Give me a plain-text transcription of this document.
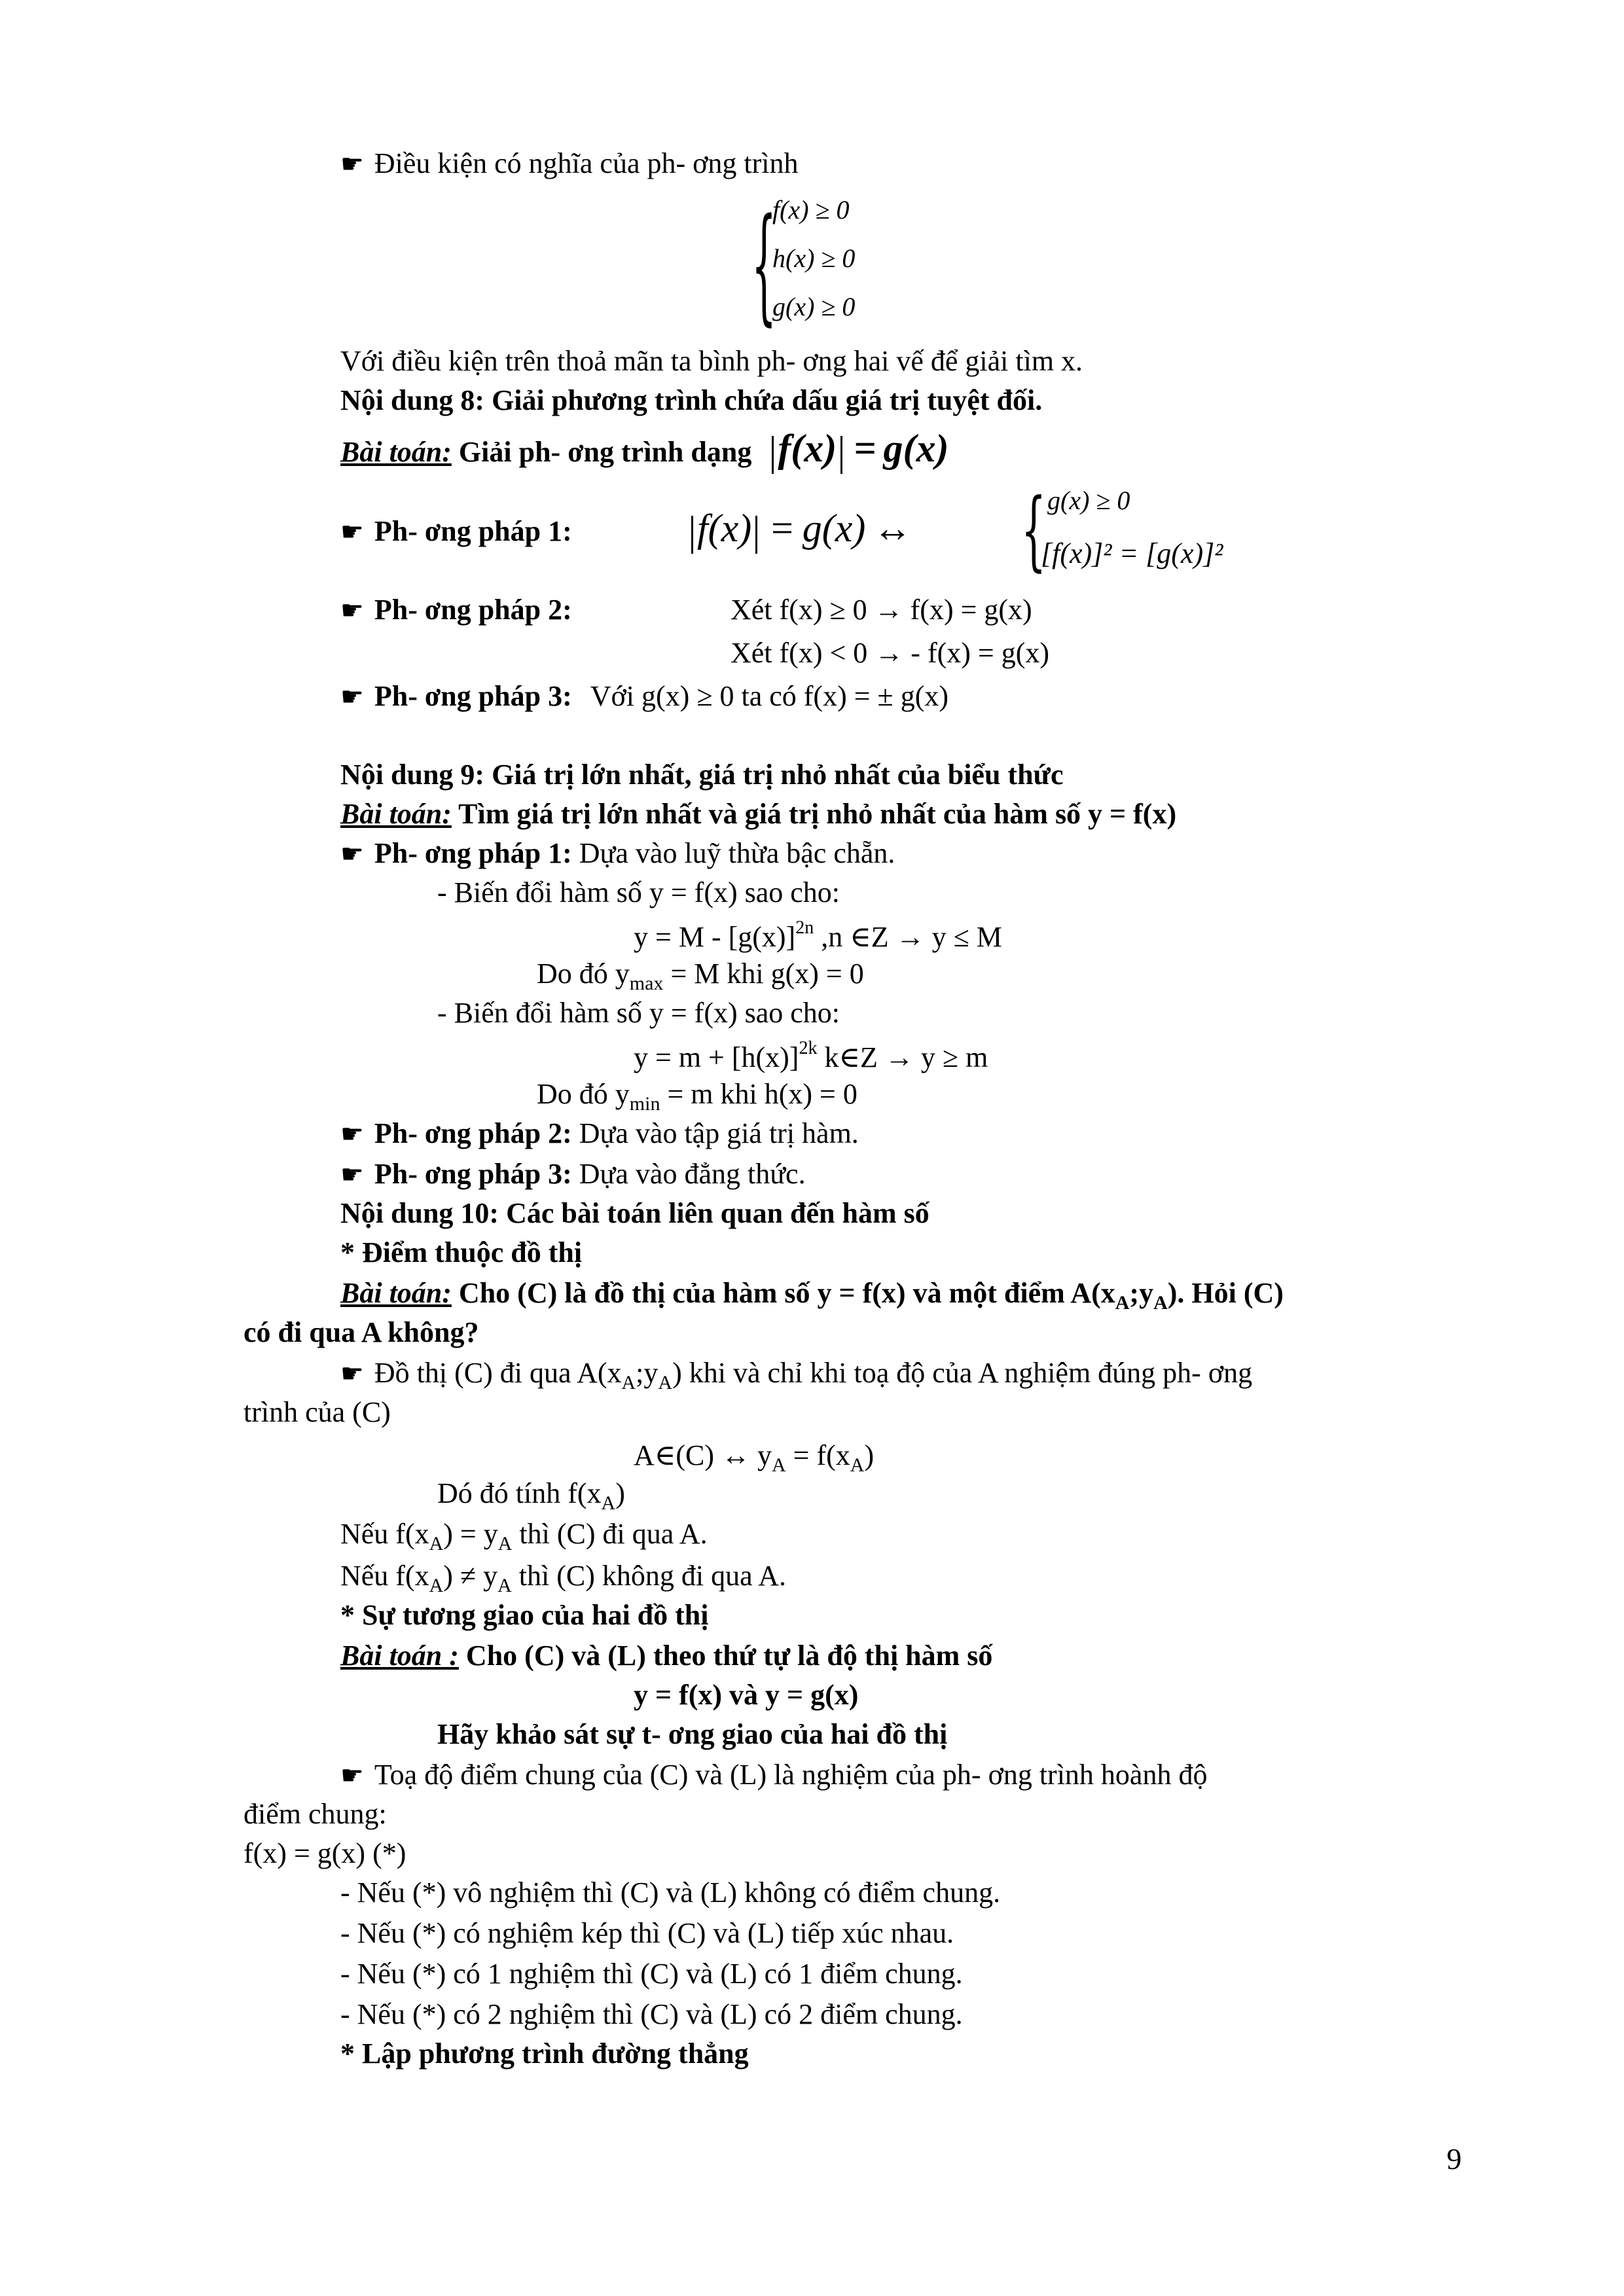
☛ Điều kiện có nghĩa của ph- ơng trình
{
f(x) ≥ 0
h(x) ≥ 0
g(x) ≥ 0
Với điều kiện trên thoả mãn ta bình ph- ơng hai vế để giải tìm x.
Nội dung 8: Giải phương trình chứa dấu giá trị tuyệt đối.
Bài toán: Giải ph- ơng trình dạng f(x) = g(x)
☛ Ph- ơng pháp 1:	f(x) = g(x) ↔	{ g(x) ≥ 0
[f(x)]² = [g(x)]²
☛ Ph- ơng pháp 2:	Xét f(x) ≥ 0 → f(x) = g(x)
Xét f(x) < 0 → - f(x) = g(x)
☛ Ph- ơng pháp 3: Với g(x) ≥ 0 ta có f(x) = ± g(x)
Nội dung 9: Giá trị lớn nhất, giá trị nhỏ nhất của biểu thức
Bài toán: Tìm giá trị lớn nhất và giá trị nhỏ nhất của hàm số y = f(x)
☛ Ph- ơng pháp 1: Dựa vào luỹ thừa bậc chẵn.
- Biến đổi hàm số y = f(x) sao cho:
$y = M - [g(x)]^{2n}$ ,n ∈Z → y ≤ M
Do đó $y_{max} = M$ khi g(x) = 0
- Biến đổi hàm số y = f(x) sao cho:
$y = m + [h(x)]^{2k}$ k∈Z → y ≥ m
Do đó $y_{min} = m$ khi h(x) = 0
☛ Ph- ơng pháp 2: Dựa vào tập giá trị hàm.
☛ Ph- ơng pháp 3: Dựa vào đẳng thức.
Nội dung 10: Các bài toán liên quan đến hàm số
* Điểm thuộc đồ thị
Bài toán: Cho (C) là đồ thị của hàm số y = f(x) và một điểm $A(x_A;y_A)$. Hỏi (C)
có đi qua A không?
☛ Đồ thị (C) đi qua $A(x_A;y_A)$ khi và chỉ khi toạ độ của A nghiệm đúng ph- ơng
trình của (C)
A∈(C) ↔ $y_A = f(x_A)$
Dó đó tính $f(x_A)$
Nếu $f(x_A) = y_A$ thì (C) đi qua A.
Nếu $f(x_A) \ne y_A$ thì (C) không đi qua A.
* Sự tương giao của hai đồ thị
Bài toán : Cho (C) và (L) theo thứ tự là độ thị hàm số
y = f(x) và y = g(x)
Hãy khảo sát sự t- ơng giao của hai đồ thị
☛ Toạ độ điểm chung của (C) và (L) là nghiệm của ph- ơng trình hoành độ
điểm chung:
f(x) = g(x) (*)
- Nếu (*) vô nghiệm thì (C) và (L) không có điểm chung.
- Nếu (*) có nghiệm kép thì (C) và (L) tiếp xúc nhau.
- Nếu (*) có 1 nghiệm thì (C) và (L) có 1 điểm chung.
- Nếu (*) có 2 nghiệm thì (C) và (L) có 2 điểm chung.
* Lập phương trình đường thẳng
9
